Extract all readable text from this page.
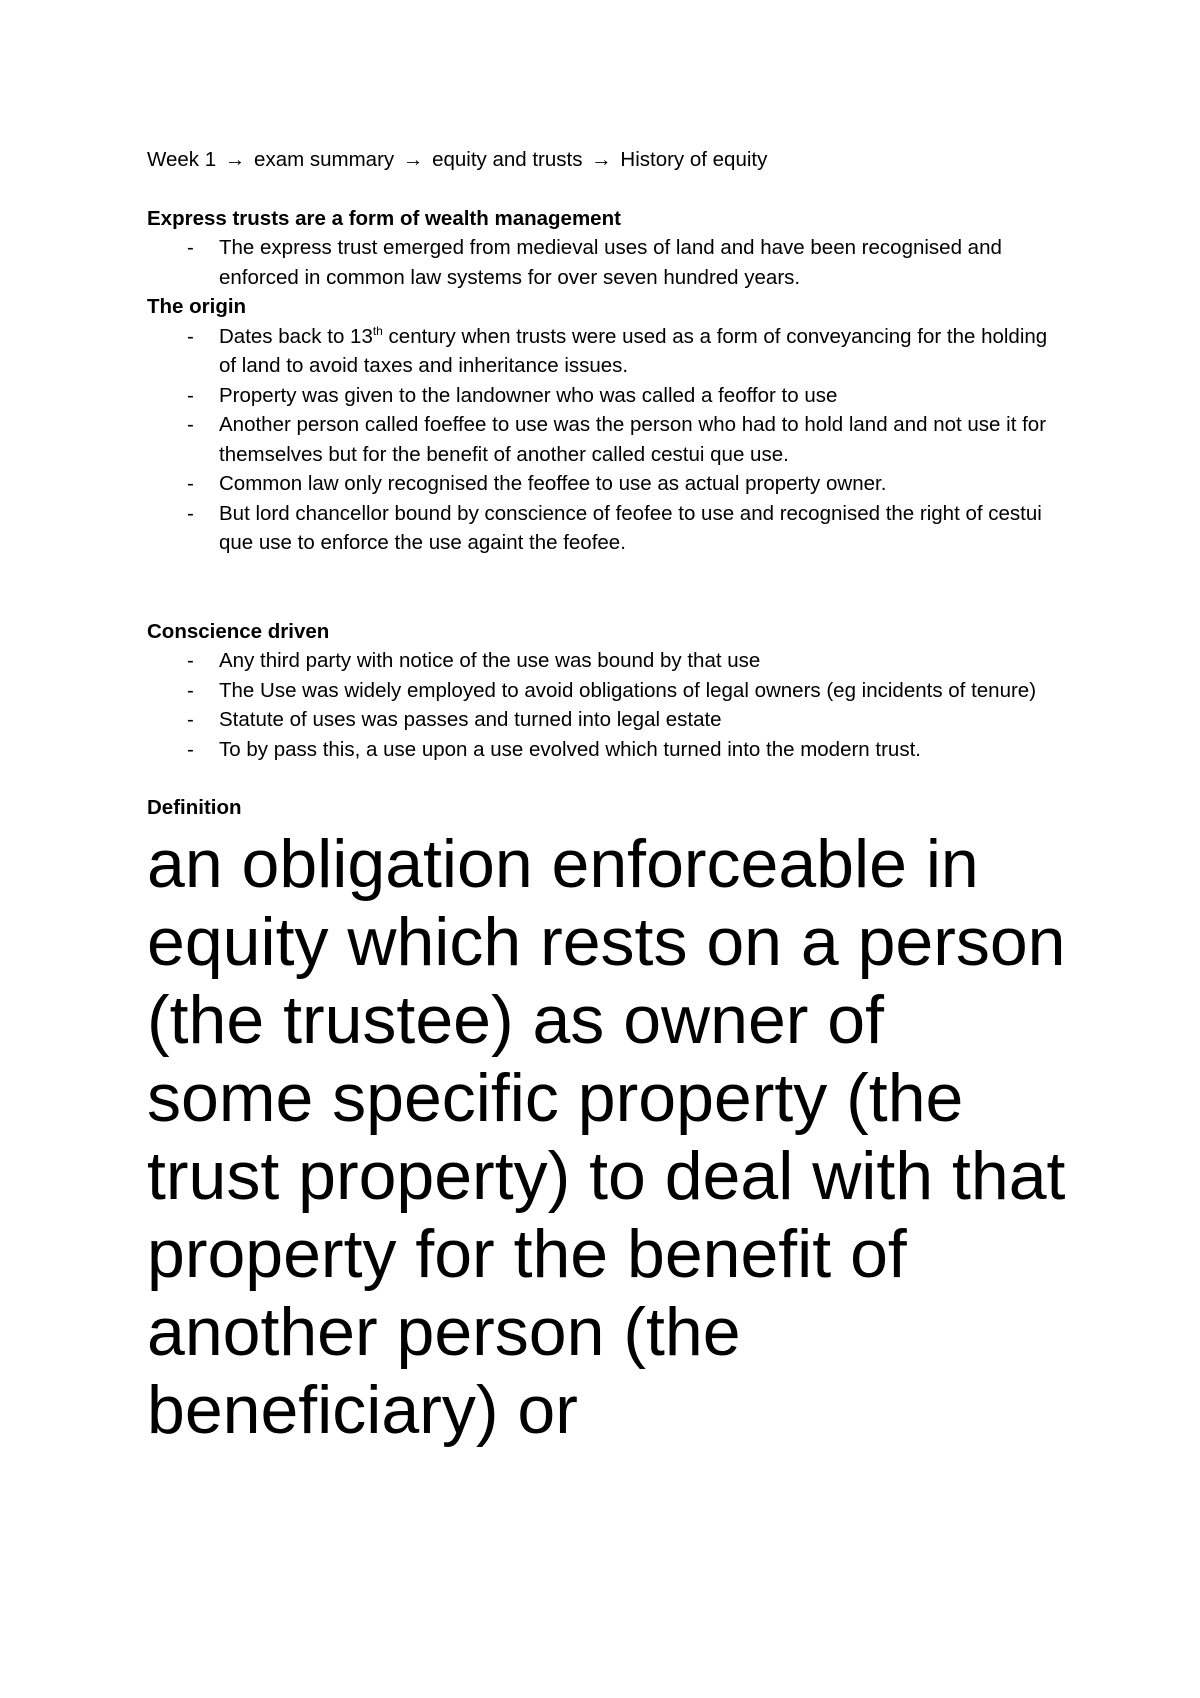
Week 1 → exam summary → equity and trusts → History of equity

Express trusts are a form of wealth management

- The express trust emerged from medieval uses of land and have been recognised and enforced in common law systems for over seven hundred years.

The origin

- Dates back to 13th century when trusts were used as a form of conveyancing for the holding of land to avoid taxes and inheritance issues.
- Property was given to the landowner who was called a feoffor to use
- Another person called foeffee to use was the person who had to hold land and not use it for themselves but for the benefit of another called cestui que use.
- Common law only recognised the feoffee to use as actual property owner.
- But lord chancellor bound by conscience of feofee to use and recognised the right of cestui que use to enforce the use againt the feofee.

Conscience driven

- Any third party with notice of the use was bound by that use
- The Use was widely employed to avoid obligations of legal owners (eg incidents of tenure)
- Statute of uses was passes and turned into legal estate
- To by pass this, a use upon a use evolved which turned into the modern trust.

Definition

an obligation enforceable in equity which rests on a person (the trustee) as owner of some specific property (the trust property) to deal with that property for the benefit of another person (the beneficiary) or
